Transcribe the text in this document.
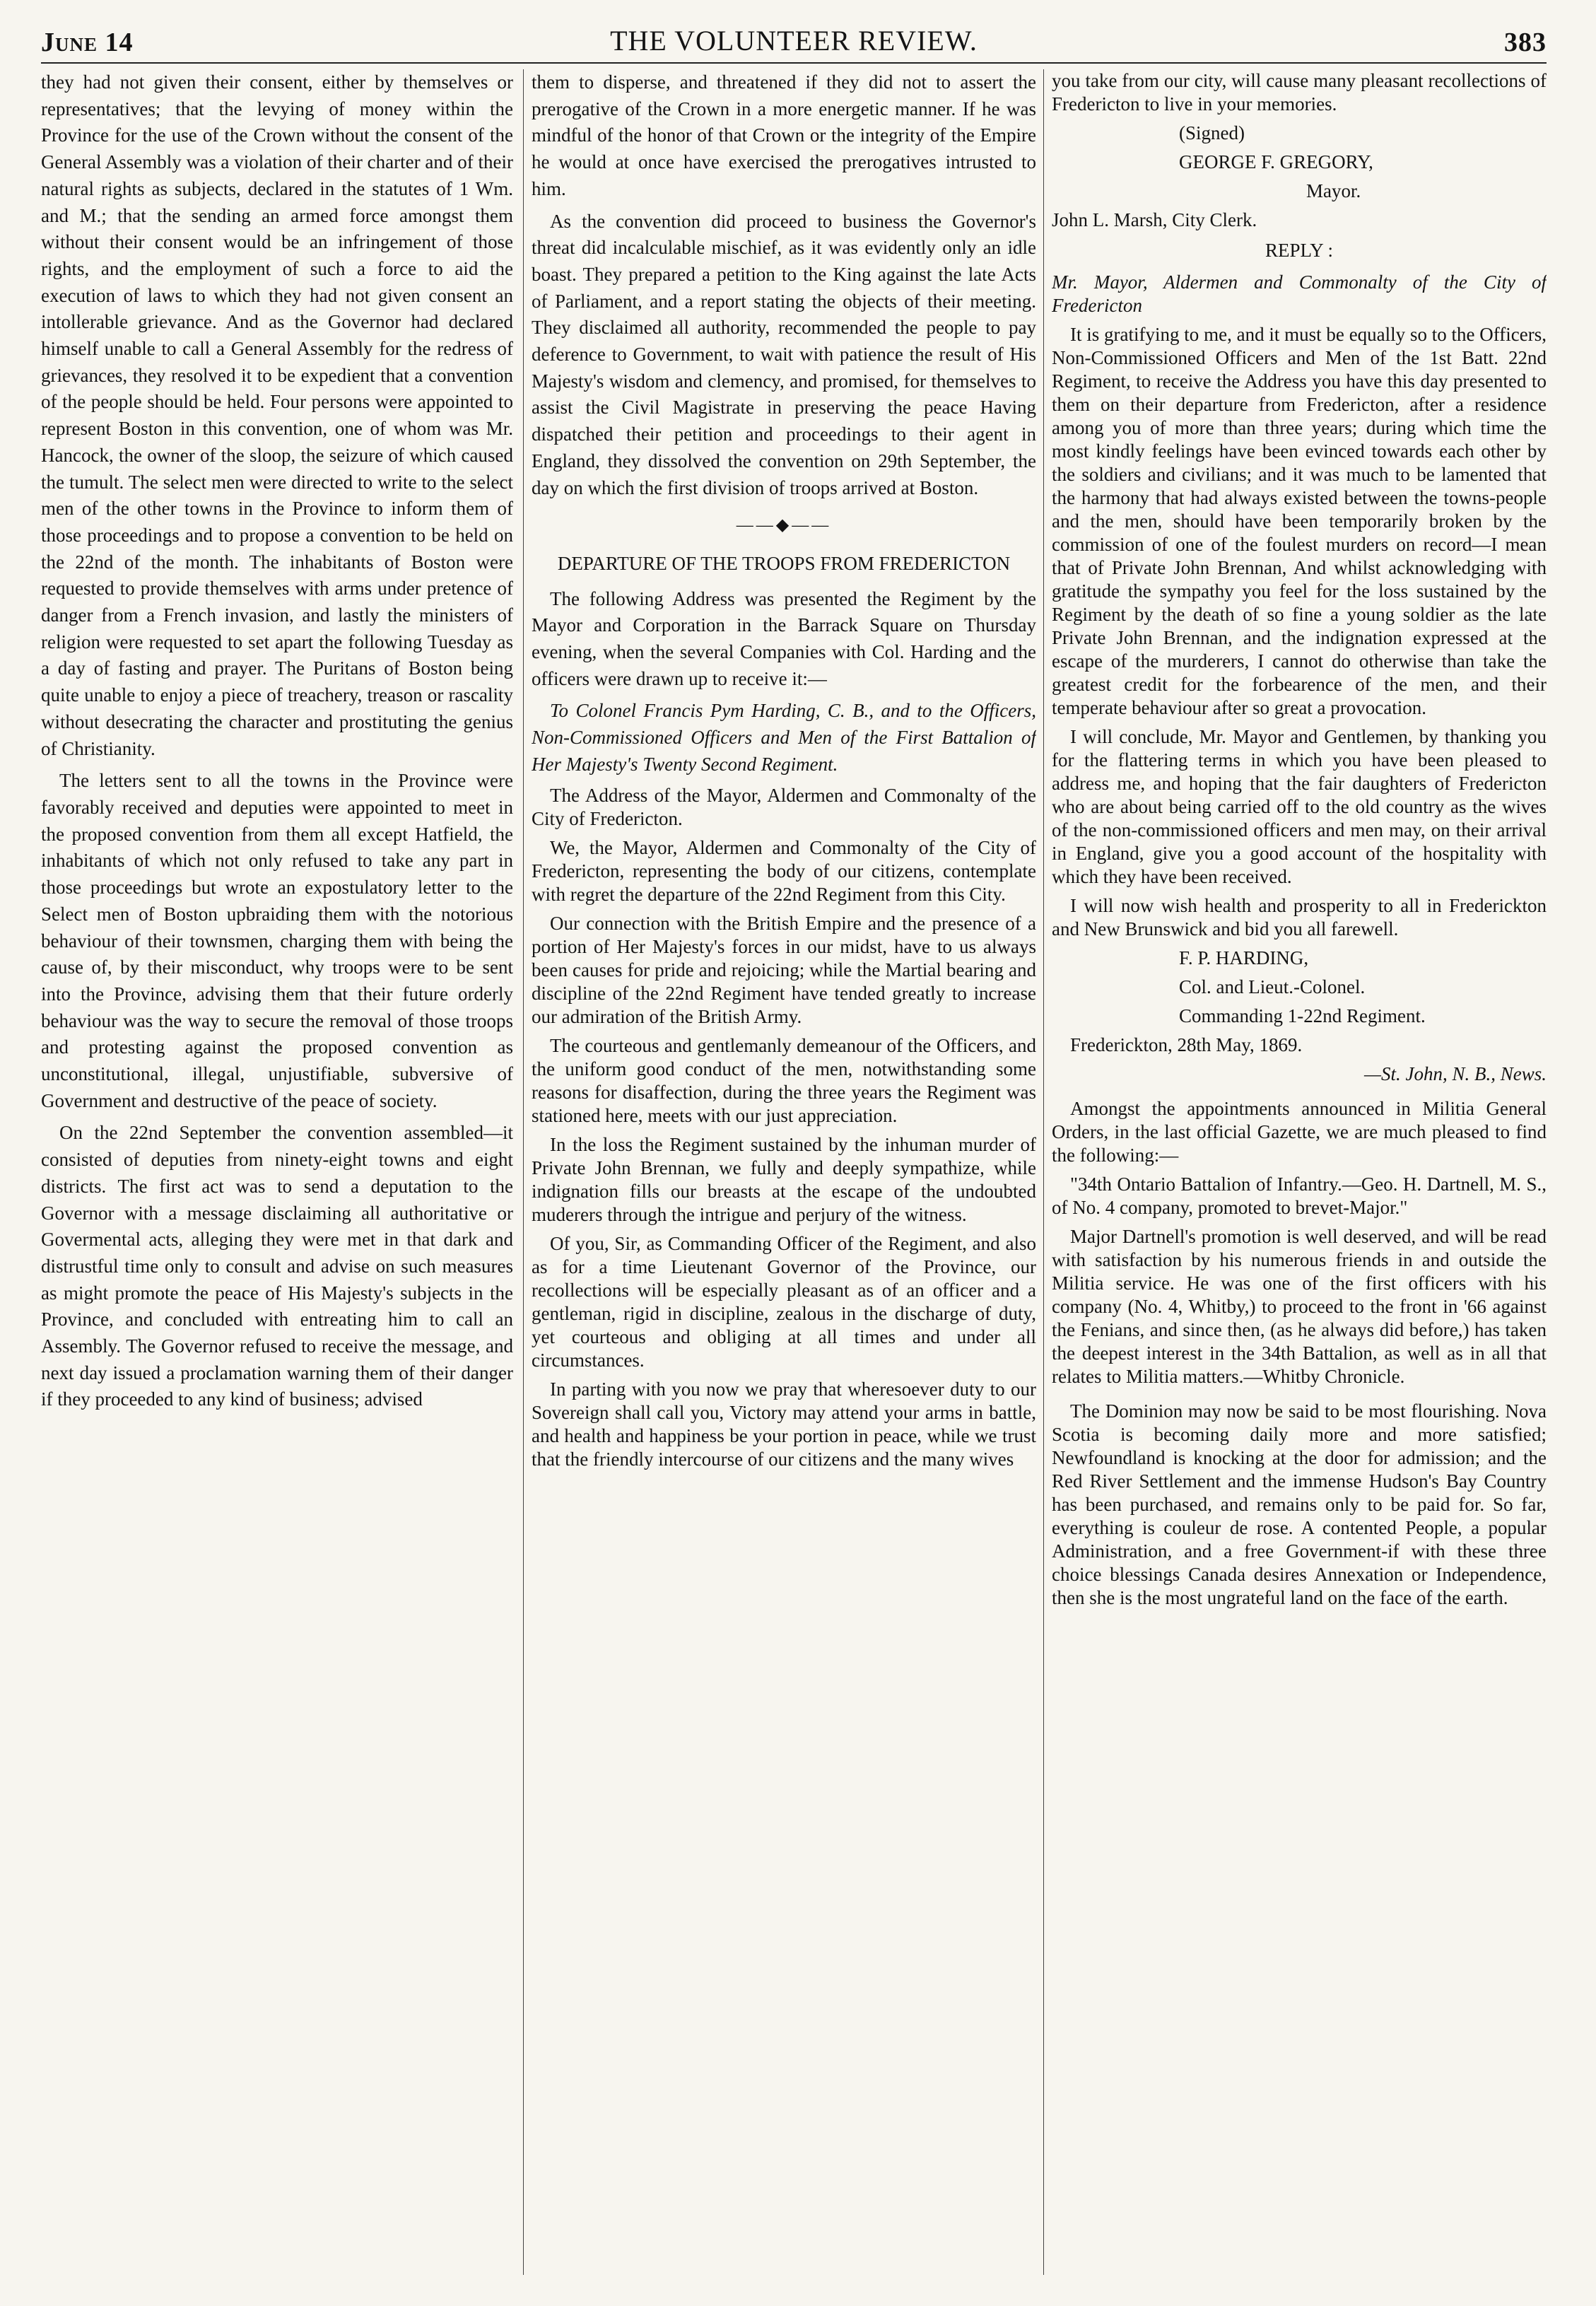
June 14	THE VOLUNTEER REVIEW.	383

they had not given their consent, either by themselves or representatives; that the levying of money within the Province for the use of the Crown without the consent of the General Assembly was a violation of their charter and of their natural rights as subjects, declared in the statutes of 1 Wm. and M.; that the sending an armed force amongst them without their consent would be an infringement of those rights, and the employment of such a force to aid the execution of laws to which they had not given consent an intollerable grievance. And as the Governor had declared himself unable to call a General Assembly for the redress of grievances, they resolved it to be expedient that a convention of the people should be held. Four persons were appointed to represent Boston in this convention, one of whom was Mr. Hancock, the owner of the sloop, the seizure of which caused the tumult. The select men were directed to write to the select men of the other towns in the Province to inform them of those proceedings and to propose a convention to be held on the 22nd of the month. The inhabitants of Boston were requested to provide themselves with arms under pretence of danger from a French invasion, and lastly the ministers of religion were requested to set apart the following Tuesday as a day of fasting and prayer. The Puritans of Boston being quite unable to enjoy a piece of treachery, treason or rascality without desecrating the character and prostituting the genius of Christianity.

The letters sent to all the towns in the Province were favorably received and deputies were appointed to meet in the proposed convention from them all except Hatfield, the inhabitants of which not only refused to take any part in those proceedings but wrote an expostulatory letter to the Select men of Boston upbraiding them with the notorious behaviour of their townsmen, charging them with being the cause of, by their misconduct, why troops were to be sent into the Province, advising them that their future orderly behaviour was the way to secure the removal of those troops and protesting against the proposed convention as unconstitutional, illegal, unjustifiable, subversive of Government and destructive of the peace of society.

On the 22nd September the convention assembled—it consisted of deputies from ninety-eight towns and eight districts. The first act was to send a deputation to the Governor with a message disclaiming all authoritative or Govermental acts, alleging they were met in that dark and distrustful time only to consult and advise on such measures as might promote the peace of His Majesty's subjects in the Province, and concluded with entreating him to call an Assembly. The Governor refused to receive the message, and next day issued a proclamation warning them of their danger if they proceeded to any kind of business; advised

them to disperse, and threatened if they did not to assert the prerogative of the Crown in a more energetic manner. If he was mindful of the honor of that Crown or the integrity of the Empire he would at once have exercised the prerogatives intrusted to him.

As the convention did proceed to business the Governor's threat did incalculable mischief, as it was evidently only an idle boast. They prepared a petition to the King against the late Acts of Parliament, and a report stating the objects of their meeting. They disclaimed all authority, recommended the people to pay deference to Government, to wait with patience the result of His Majesty's wisdom and clemency, and promised, for themselves to assist the Civil Magistrate in preserving the peace Having dispatched their petition and proceedings to their agent in England, they dissolved the convention on 29th September, the day on which the first division of troops arrived at Boston.

——◆——

DEPARTURE OF THE TROOPS FROM FREDERICTON

The following Address was presented the Regiment by the Mayor and Corporation in the Barrack Square on Thursday evening, when the several Companies with Col. Harding and the officers were drawn up to receive it:—

To Colonel Francis Pym Harding, C. B., and to the Officers, Non-Commissioned Officers and Men of the First Battalion of Her Majesty's Twenty Second Regiment.

The Address of the Mayor, Aldermen and Commonalty of the City of Fredericton.

We, the Mayor, Aldermen and Commonalty of the City of Fredericton, representing the body of our citizens, contemplate with regret the departure of the 22nd Regiment from this City.

Our connection with the British Empire and the presence of a portion of Her Majesty's forces in our midst, have to us always been causes for pride and rejoicing; while the Martial bearing and discipline of the 22nd Regiment have tended greatly to increase our admiration of the British Army.

The courteous and gentlemanly demeanour of the Officers, and the uniform good conduct of the men, notwithstanding some reasons for disaffection, during the three years the Regiment was stationed here, meets with our just appreciation.

In the loss the Regiment sustained by the inhuman murder of Private John Brennan, we fully and deeply sympathize, while indignation fills our breasts at the escape of the undoubted muderers through the intrigue and perjury of the witness.

Of you, Sir, as Commanding Officer of the Regiment, and also as for a time Lieutenant Governor of the Province, our recollections will be especially pleasant as of an officer and a gentleman, rigid in discipline, zealous in the discharge of duty, yet courteous and obliging at all times and under all circumstances.

In parting with you now we pray that wheresoever duty to our Sovereign shall call you, Victory may attend your arms in battle, and health and happiness be your portion in peace, while we trust that the friendly intercourse of our citizens and the many wives

you take from our city, will cause many pleasant recollections of Fredericton to live in your memories.

(Signed)

GEORGE F. GREGORY,

Mayor.

John L. Marsh, City Clerk.

REPLY :

Mr. Mayor, Aldermen and Commonalty of the City of Fredericton

It is gratifying to me, and it must be equally so to the Officers, Non-Commissioned Officers and Men of the 1st Batt. 22nd Regiment, to receive the Address you have this day presented to them on their departure from Fredericton, after a residence among you of more than three years; during which time the most kindly feelings have been evinced towards each other by the soldiers and civilians; and it was much to be lamented that the harmony that had always existed between the towns-people and the men, should have been temporarily broken by the commission of one of the foulest murders on record—I mean that of Private John Brennan, And whilst acknowledging with gratitude the sympathy you feel for the loss sustained by the Regiment by the death of so fine a young soldier as the late Private John Brennan, and the indignation expressed at the escape of the murderers, I cannot do otherwise than take the greatest credit for the forbearence of the men, and their temperate behaviour after so great a provocation.

I will conclude, Mr. Mayor and Gentlemen, by thanking you for the flattering terms in which you have been pleased to address me, and hoping that the fair daughters of Fredericton who are about being carried off to the old country as the wives of the non-commissioned officers and men may, on their arrival in England, give you a good account of the hospitality with which they have been received.

I will now wish health and prosperity to all in Frederickton and New Brunswick and bid you all farewell.

F. P. HARDING,

Col. and Lieut.-Colonel.

Commanding 1-22nd Regiment.

Frederickton, 28th May, 1869.

—St. John, N. B., News.

Amongst the appointments announced in Militia General Orders, in the last official Gazette, we are much pleased to find the following:—

"34th Ontario Battalion of Infantry.—Geo. H. Dartnell, M. S., of No. 4 company, promoted to brevet-Major."

Major Dartnell's promotion is well deserved, and will be read with satisfaction by his numerous friends in and outside the Militia service. He was one of the first officers with his company (No. 4, Whitby,) to proceed to the front in '66 against the Fenians, and since then, (as he always did before,) has taken the deepest interest in the 34th Battalion, as well as in all that relates to Militia matters.—Whitby Chronicle.

The Dominion may now be said to be most flourishing. Nova Scotia is becoming daily more and more satisfied; Newfoundland is knocking at the door for admission; and the Red River Settlement and the immense Hudson's Bay Country has been purchased, and remains only to be paid for. So far, everything is couleur de rose. A contented People, a popular Administration, and a free Government-if with these three choice blessings Canada desires Annexation or Independence, then she is the most ungrateful land on the face of the earth.
